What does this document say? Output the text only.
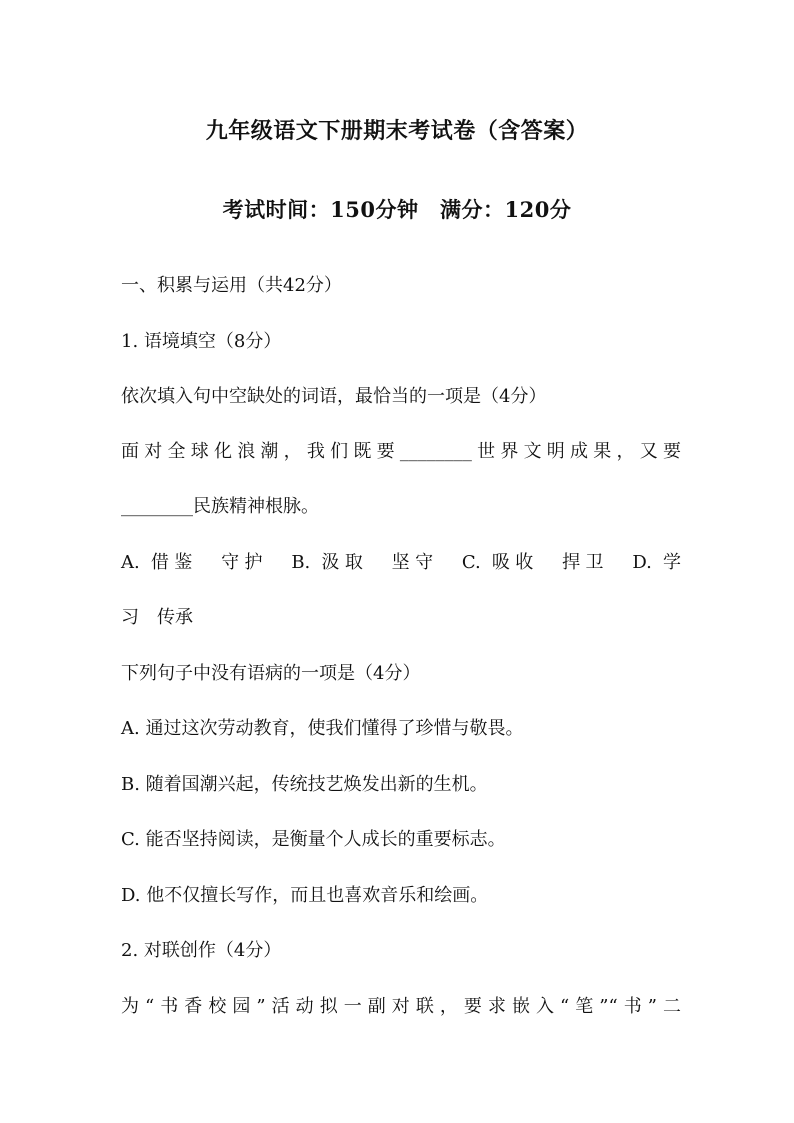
九年级语文下册期末考试卷（含答案）
考试时间：150分钟　满分：120分
一、积累与运用（共42分）
1. 语境填空（8分）
依次填入句中空缺处的词语，最恰当的一项是（4分）
面对全球化浪潮，我们既要________世界文明成果，又要
________民族精神根脉。
A. 借鉴　守护　B. 汲取　坚守　C. 吸收　捍卫　D. 学
习　传承
下列句子中没有语病的一项是（4分）
A. 通过这次劳动教育，使我们懂得了珍惜与敬畏。
B. 随着国潮兴起，传统技艺焕发出新的生机。
C. 能否坚持阅读，是衡量个人成长的重要标志。
D. 他不仅擅长写作，而且也喜欢音乐和绘画。
2. 对联创作（4分）
为“书香校园”活动拟一副对联，要求嵌入“笔”“书”二
